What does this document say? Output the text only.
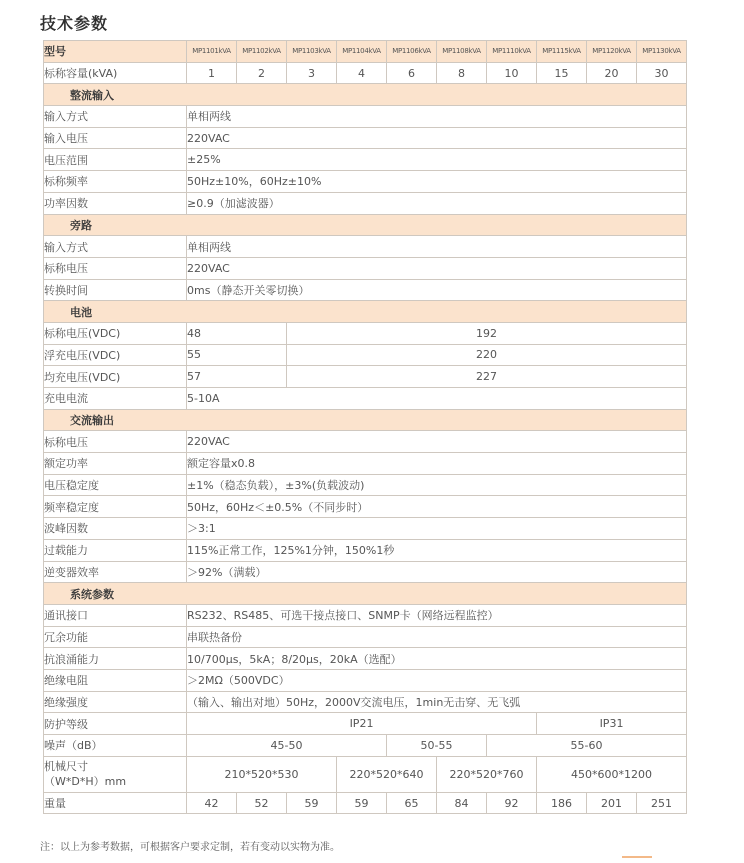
技术参数
型号	MP1101kVA	MP1102kVA	MP1103kVA	MP1104kVA	MP1106kVA	MP1108kVA	MP1110kVA	MP1115kVA	MP1120kVA	MP1130kVA
标称容量(kVA)	1	2	3	4	6	8	10	15	20	30
整流输入										
输入方式	单相两线									
输入电压	220VAC									
电压范围	±25%									
标称频率	50Hz±10%，60Hz±10%									
功率因数	≥0.9（加滤波器）									
旁路										
输入方式	单相两线									
标称电压	220VAC									
转换时间	0ms（静态开关零切换）									
电池										
标称电压(VDC)	48		192							
浮充电压(VDC)	55		220							
均充电压(VDC)	57		227							
充电电流	5-10A									
交流输出										
标称电压	220VAC									
额定功率	额定容量x0.8									
电压稳定度	±1%（稳态负载），±3%(负载波动)									
频率稳定度	50Hz，60Hz＜±0.5%（不同步时）									
波峰因数	＞3:1									
过载能力	115%正常工作，125%1分钟，150%1秒									
逆变器效率	＞92%（满载）									
系统参数										
通讯接口	RS232、RS485、可选干接点接口、SNMP卡（网络远程监控）									
冗余功能	串联热备份									
抗浪涌能力	10/700μs，5kA；8/20μs，20kA（选配）									
绝缘电阻	＞2MΩ（500VDC）									
绝缘强度	（输入、输出对地）50Hz，2000V交流电压，1min无击穿、无飞弧									
防护等级	IP21							IP31		
噪声（dB）	45-50				50-55		55-60			

机械尺寸
（W*D*H）mm	210*520*530			220*520*640		220*520*760		450*600*1200		
重量	42	52	59	59	65	84	92	186	201	251
注：以上为参考数据，可根据客户要求定制，若有变动以实物为准。
